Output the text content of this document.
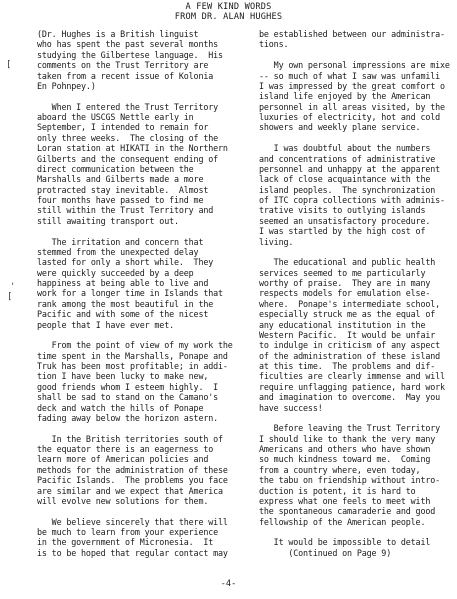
A FEW KIND WORDS
FROM DR. ALAN HUGHES
[
'
[
(Dr. Hughes is a British linguist
who has spent the past several months
studying the Gilbertese language.  His
comments on the Trust Territory are
taken from a recent issue of Kolonia
En Pohnpey.)
When I entered the Trust Territory
aboard the USCGS Nettle early in
September, I intended to remain for
only three weeks.  The closing of the
Loran station at HIKATI in the Northern
Gilberts and the consequent ending of
direct communication between the
Marshalls and Gilberts made a more
protracted stay inevitable.  Almost
four months have passed to find me
still within the Trust Territory and
still awaiting transport out.
The irritation and concern that
stemmed from the unexpected delay
lasted for only a short while.  They
were quickly succeeded by a deep
happiness at being able to live and
work for a longer time in Islands that
rank among the most beautiful in the
Pacific and with some of the nicest
people that I have ever met.
From the point of view of my work the
time spent in the Marshalls, Ponape and
Truk has been most profitable; in addi-
tion I have been lucky to make new,
good friends whom I esteem highly.  I
shall be sad to stand on the Camano's
deck and watch the hills of Ponape
fading away below the horizon astern.
In the British territories south of
the equator there is an eagerness to
learn more of American policies and
methods for the administration of these
Pacific Islands.  The problems you face
are similar and we expect that America
will evolve new solutions for them.
We believe sincerely that there will
be much to learn from your experience
in the government of Micronesia.  It
is to be hoped that regular contact may
be established between our administra-
tions.
My own personal impressions are mixe
-- so much of what I saw was unfamili
I was impressed by the great comfort o
island life enjoyed by the American
personnel in all areas visited, by the
luxuries of electricity, hot and cold
showers and weekly plane service.
I was doubtful about the numbers
and concentrations of administrative
personnel and unhappy at the apparent
lack of close acquaintance with the
island peoples.  The synchronization
of ITC copra collections with adminis-
trative visits to outlying islands
seemed an unsatisfactory procedure.
I was startled by the high cost of
living.
The educational and public health
services seemed to me particularly
worthy of praise.  They are in many
respects models for emulation else-
where.  Ponape's intermediate school,
especially struck me as the equal of
any educational institution in the
Western Pacific.  It would be unfair
to indulge in criticism of any aspect
of the administration of these island
at this time.  The problems and dif-
ficulties are clearly immense and will
require unflagging patience, hard work
and imagination to overcome.  May you
have success!
Before leaving the Trust Territory
I should like to thank the very many
Americans and others who have shown
so much kindness toward me.  Coming
from a country where, even today,
the tabu on friendship without intro-
duction is potent, it is hard to
express what one feels to meet with
the spontaneous camaraderie and good
fellowship of the American people.
It would be impossible to detail
(Continued on Page 9)
-4-
